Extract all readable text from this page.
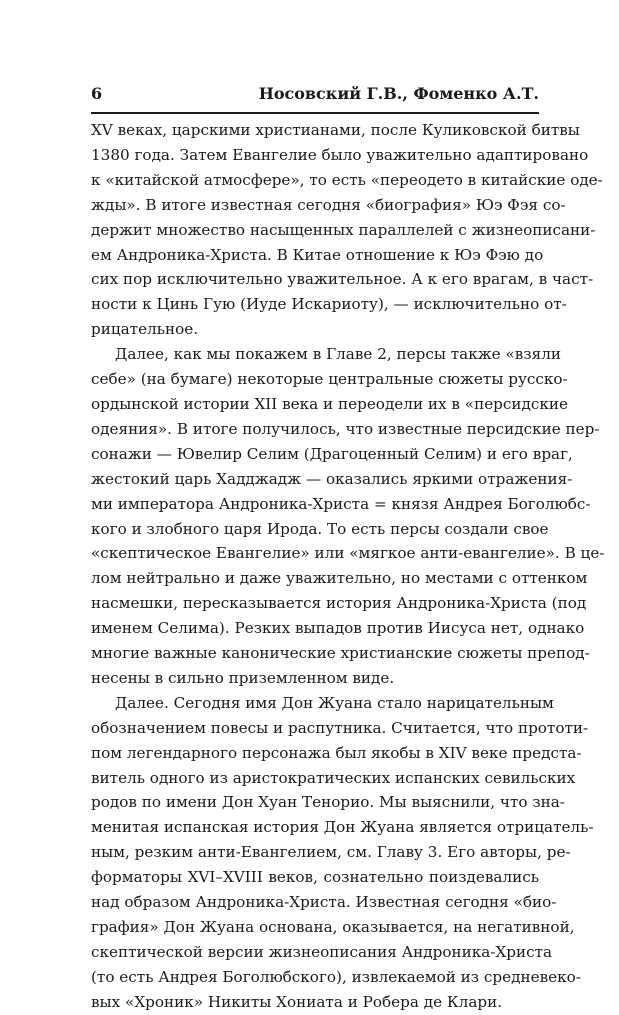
6	Носовский Г.В., Фоменко А.Т.
XV веках, царскими христианами, после Куликовской битвы
1380 года. Затем Евангелие было уважительно адаптировано
к «китайской атмосфере», то есть «переодето в китайские оде-
жды». В итоге известная сегодня «биография» Юэ Фэя со-
держит множество насыщенных параллелей с жизнеописани-
ем Андроника-Христа. В Китае отношение к Юэ Фэю до
сих пор исключительно уважительное. А к его врагам, в част-
ности к Цинь Гую (Иуде Искариоту), — исключительно от-
рицательное.
Далее, как мы покажем в Главе 2, персы также «взяли
себе» (на бумаге) некоторые центральные сюжеты русско-
ордынской истории XII века и переодели их в «персидские
одеяния». В итоге получилось, что известные персидские пер-
сонажи — Ювелир Селим (Драгоценный Селим) и его враг,
жестокий царь Хадджадж — оказались яркими отражения-
ми императора Андроника-Христа = князя Андрея Боголюбс-
кого и злобного царя Ирода. То есть персы создали свое
«скептическое Евангелие» или «мягкое анти-евангелие». В це-
лом нейтрально и даже уважительно, но местами с оттенком
насмешки, пересказывается история Андроника-Христа (под
именем Селима). Резких выпадов против Иисуса нет, однако
многие важные канонические христианские сюжеты препод-
несены в сильно приземленном виде.
Далее. Сегодня имя Дон Жуана стало нарицательным
обозначением повесы и распутника. Считается, что прототи-
пом легендарного персонажа был якобы в XIV веке предста-
витель одного из аристократических испанских севильских
родов по имени Дон Хуан Тенорио. Мы выяснили, что зна-
менитая испанская история Дон Жуана является отрицатель-
ным, резким анти-Евангелием, см. Главу 3. Его авторы, ре-
форматоры XVI–XVIII веков, сознательно поиздевались
над образом Андроника-Христа. Известная сегодня «био-
графия» Дон Жуана основана, оказывается, на негативной,
скептической версии жизнеописания Андроника-Христа
(то есть Андрея Боголюбского), извлекаемой из средневеко-
вых «Хроник» Никиты Хониата и Робера де Клари.
